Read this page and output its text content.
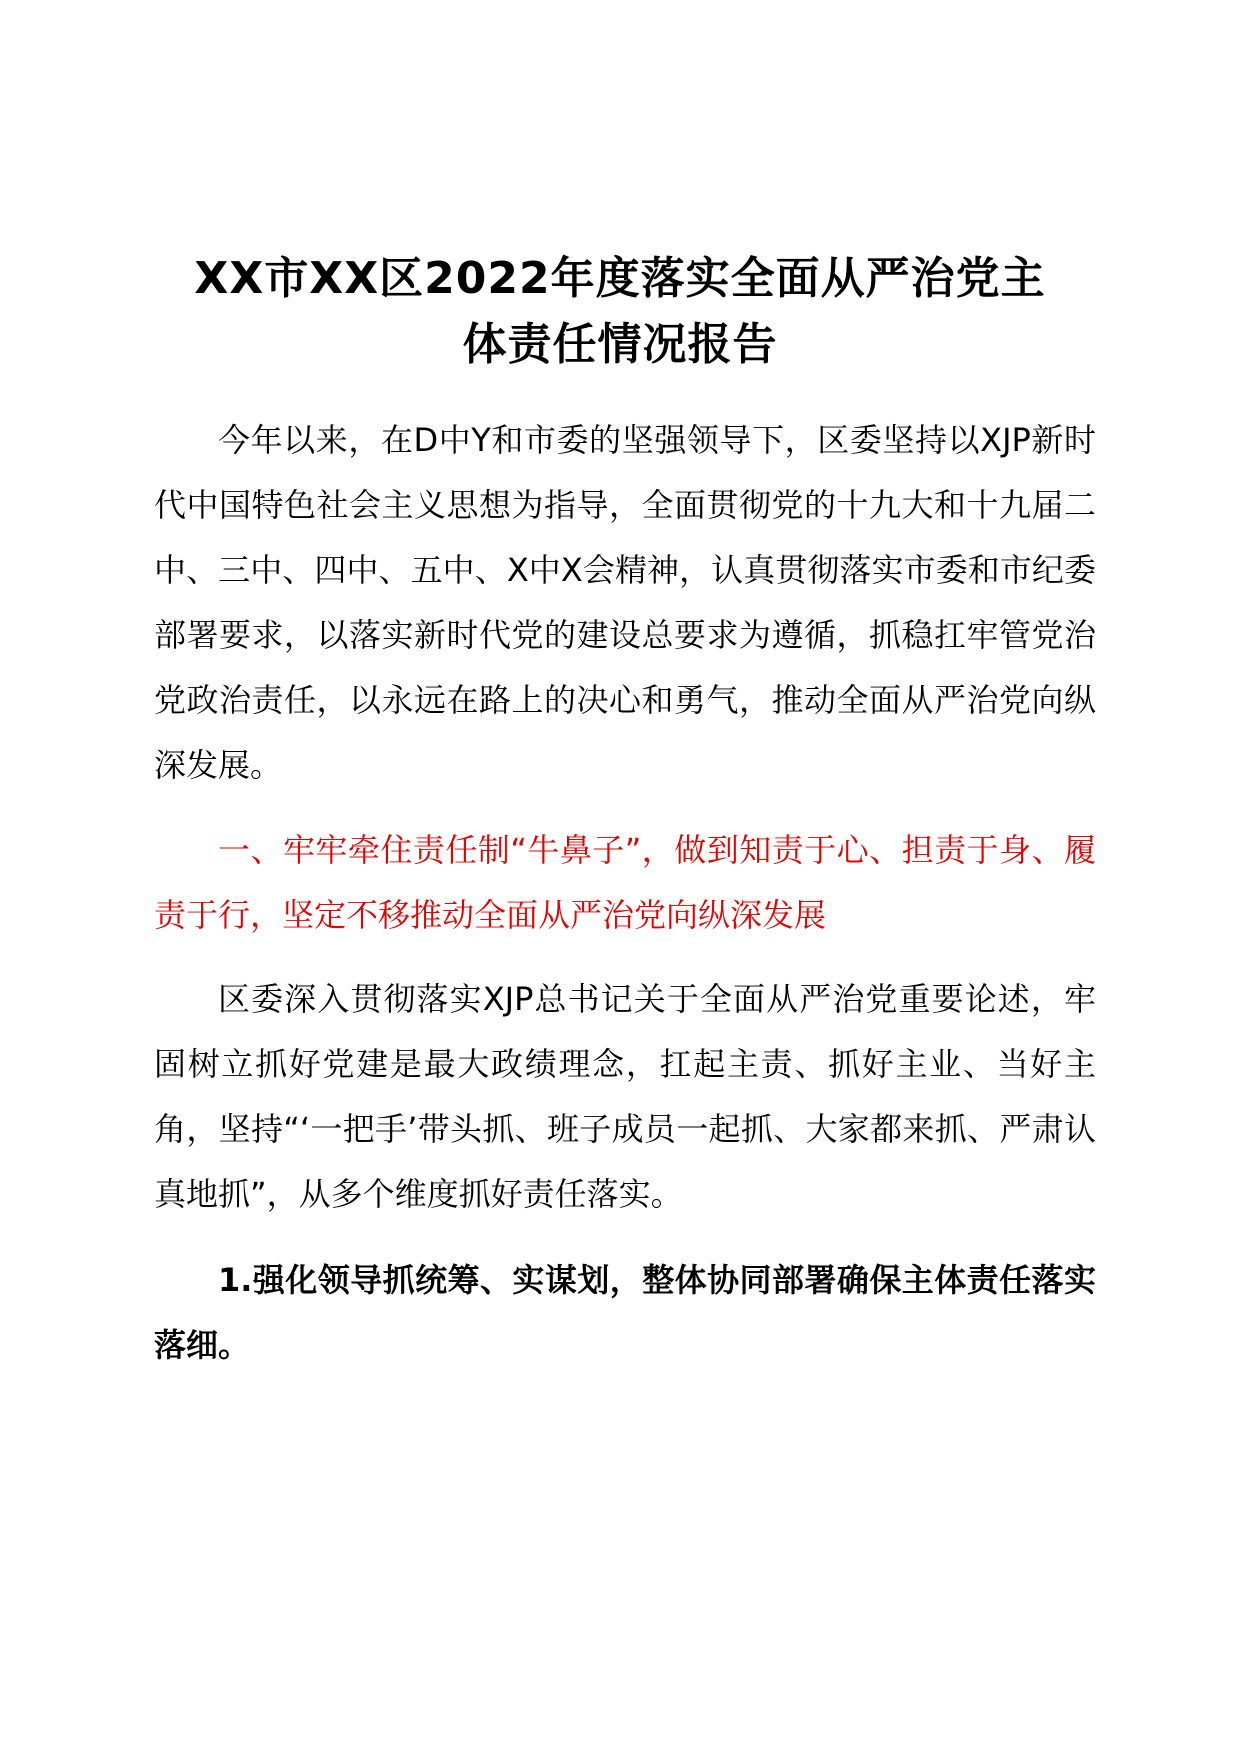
XX市XX区2022年度落实全面从严治党主
体责任情况报告

今年以来，在D中Y和市委的坚强领导下，区委坚持以XJP新时代中国特色社会主义思想为指导，全面贯彻党的十九大和十九届二中、三中、四中、五中、X中X会精神，认真贯彻落实市委和市纪委部署要求，以落实新时代党的建设总要求为遵循，抓稳扛牢管党治党政治责任，以永远在路上的决心和勇气，推动全面从严治党向纵深发展。

一、牢牢牵住责任制“牛鼻子”，做到知责于心、担责于身、履责于行，坚定不移推动全面从严治党向纵深发展

区委深入贯彻落实XJP总书记关于全面从严治党重要论述，牢固树立抓好党建是最大政绩理念，扛起主责、抓好主业、当好主角，坚持“‘一把手’带头抓、班子成员一起抓、大家都来抓、严肃认真地抓”，从多个维度抓好责任落实。

1.强化领导抓统筹、实谋划，整体协同部署确保主体责任落实落细。
